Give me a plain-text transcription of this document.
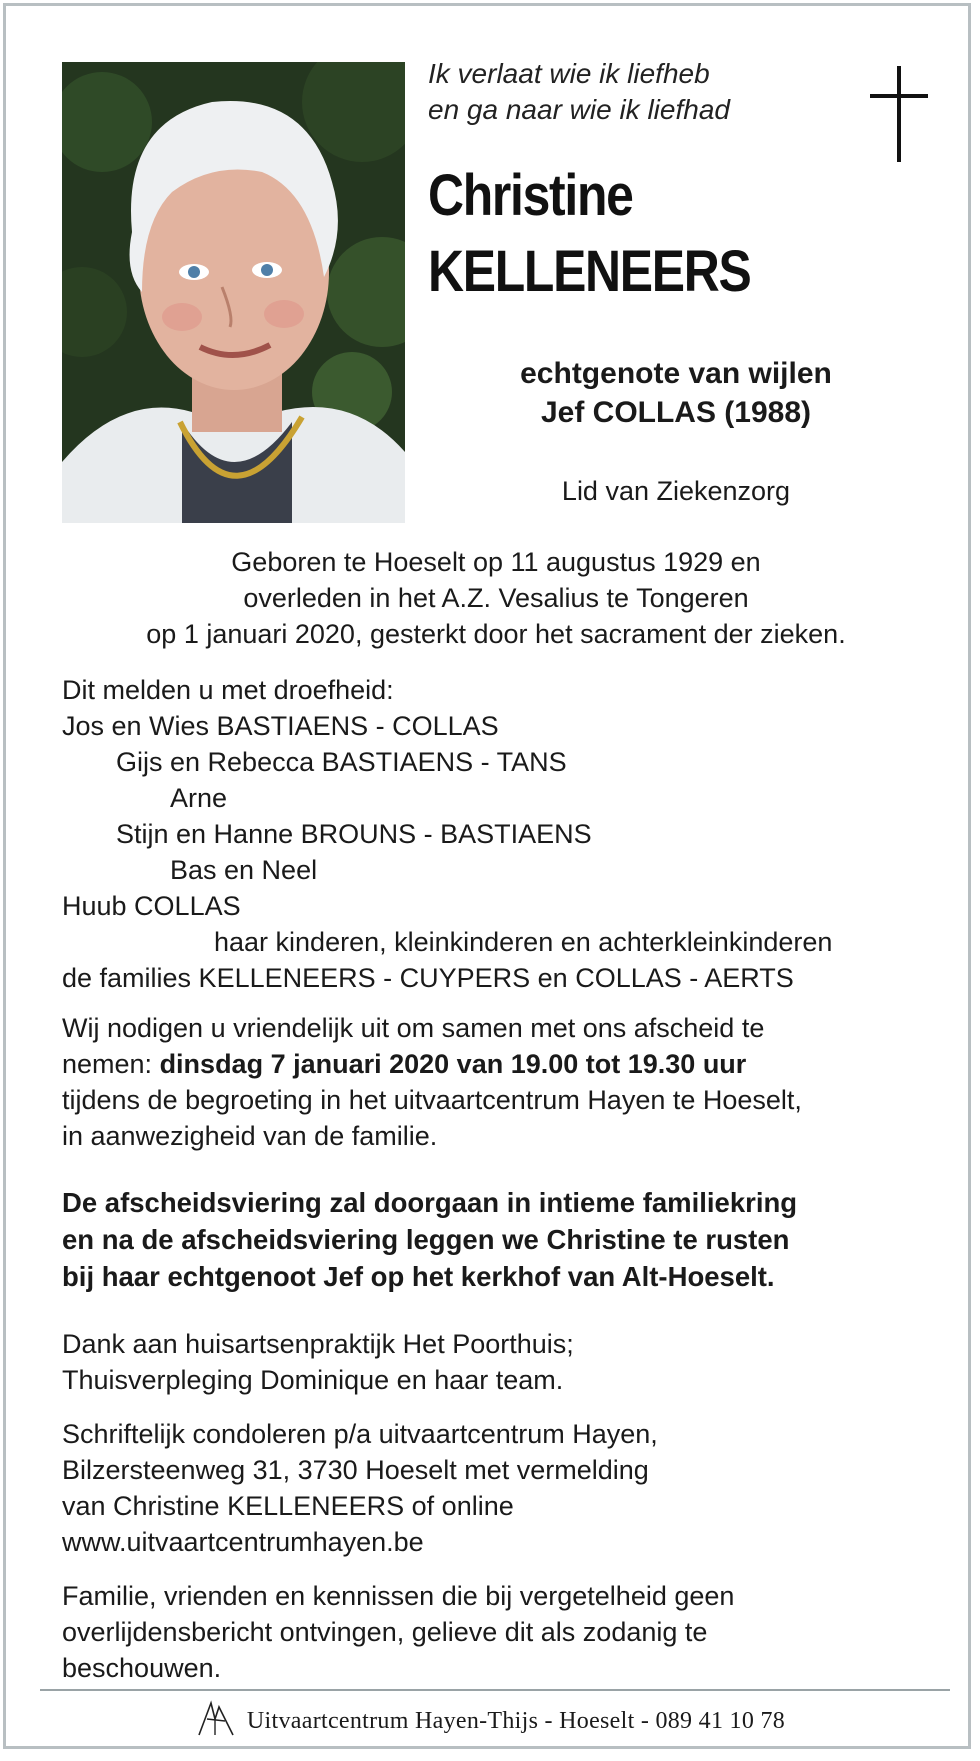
Ik verlaat wie ik liefheb
en ga naar wie ik liefhad
Christine
KELLENEERS
echtgenote van wijlen
Jef COLLAS (1988)
Lid van Ziekenzorg
Geboren te Hoeselt op 11 augustus 1929 en
overleden in het A.Z. Vesalius te Tongeren
op 1 januari 2020, gesterkt door het sacrament der zieken.
Dit melden u met droefheid:
Jos en Wies BASTIAENS - COLLAS
Gijs en Rebecca BASTIAENS - TANS
Arne
Stijn en Hanne BROUNS - BASTIAENS
Bas en Neel
Huub COLLAS
haar kinderen, kleinkinderen en achterkleinkinderen
de families KELLENEERS - CUYPERS en COLLAS - AERTS
Wij nodigen u vriendelijk uit om samen met ons afscheid te
nemen: dinsdag 7 januari 2020 van 19.00 tot 19.30 uur
tijdens de begroeting in het uitvaartcentrum Hayen te Hoeselt,
in aanwezigheid van de familie.
De afscheidsviering zal doorgaan in intieme familiekring
en na de afscheidsviering leggen we Christine te rusten
bij haar echtgenoot Jef op het kerkhof van Alt-Hoeselt.
Dank aan huisartsenpraktijk Het Poorthuis;
Thuisverpleging Dominique en haar team.
Schriftelijk condoleren p/a uitvaartcentrum Hayen,
Bilzersteenweg 31, 3730 Hoeselt met vermelding
van Christine KELLENEERS of online
www.uitvaartcentrumhayen.be
Familie, vrienden en kennissen die bij vergetelheid geen
overlijdensbericht ontvingen, gelieve dit als zodanig te
beschouwen.
Uitvaartcentrum Hayen-Thijs - Hoeselt - 089 41 10 78
